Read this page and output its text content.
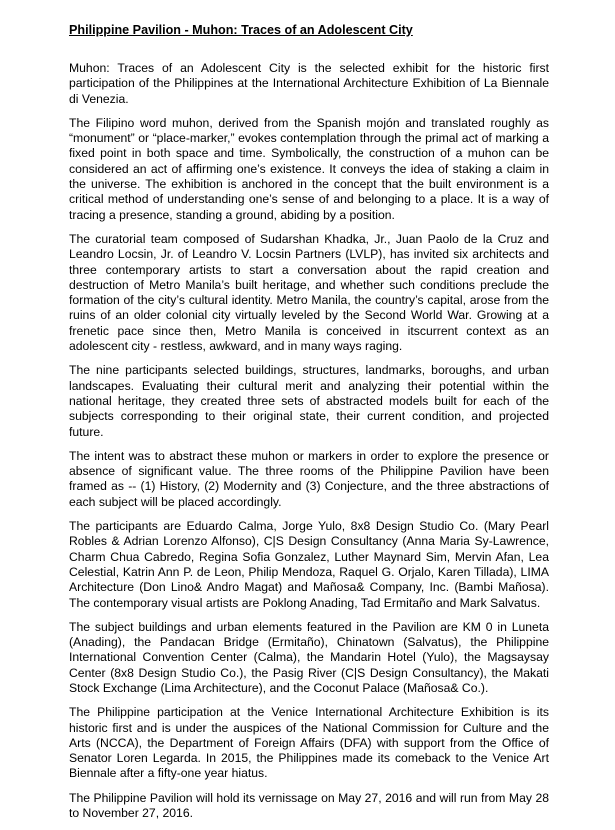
Philippine Pavilion - Muhon: Traces of an Adolescent City

Muhon: Traces of an Adolescent City is the selected exhibit for the historic first participation of the Philippines at the International Architecture Exhibition of La Biennale di Venezia.

The Filipino word muhon, derived from the Spanish mojón and translated roughly as “monument” or “place-marker,” evokes contemplation through the primal act of marking a fixed point in both space and time. Symbolically, the construction of a muhon can be considered an act of affirming one’s existence. It conveys the idea of staking a claim in the universe. The exhibition is anchored in the concept that the built environment is a critical method of understanding one’s sense of and belonging to a place. It is a way of tracing a presence, standing a ground, abiding by a position.

The curatorial team composed of Sudarshan Khadka, Jr., Juan Paolo de la Cruz and Leandro Locsin, Jr. of Leandro V. Locsin Partners (LVLP), has invited six architects and three contemporary artists to start a conversation about the rapid creation and destruction of Metro Manila’s built heritage, and whether such conditions preclude the formation of the city’s cultural identity. Metro Manila, the country’s capital, arose from the ruins of an older colonial city virtually leveled by the Second World War. Growing at a frenetic pace since then, Metro Manila is conceived in itscurrent context as an adolescent city - restless, awkward, and in many ways raging.

The nine participants selected buildings, structures, landmarks, boroughs, and urban landscapes. Evaluating their cultural merit and analyzing their potential within the national heritage, they created three sets of abstracted models built for each of the subjects corresponding to their original state, their current condition, and projected future.

The intent was to abstract these muhon or markers in order to explore the presence or absence of significant value. The three rooms of the Philippine Pavilion have been framed as -- (1) History, (2) Modernity and (3) Conjecture, and the three abstractions of each subject will be placed accordingly.

The participants are Eduardo Calma, Jorge Yulo, 8x8 Design Studio Co. (Mary Pearl Robles & Adrian Lorenzo Alfonso), C|S Design Consultancy (Anna Maria Sy-Lawrence, Charm Chua Cabredo, Regina Sofia Gonzalez, Luther Maynard Sim, Mervin Afan, Lea Celestial, Katrin Ann P. de Leon, Philip Mendoza, Raquel G. Orjalo, Karen Tillada), LIMA Architecture (Don Lino& Andro Magat) and Mañosa& Company, Inc. (Bambi Mañosa). The contemporary visual artists are Poklong Anading, Tad Ermitaño and Mark Salvatus.

The subject buildings and urban elements featured in the Pavilion are KM 0 in Luneta (Anading), the Pandacan Bridge (Ermitaño), Chinatown (Salvatus), the Philippine International Convention Center (Calma), the Mandarin Hotel (Yulo), the Magsaysay Center (8x8 Design Studio Co.), the Pasig River (C|S Design Consultancy), the Makati Stock Exchange (Lima Architecture), and the Coconut Palace (Mañosa& Co.).

The Philippine participation at the Venice International Architecture Exhibition is its historic first and is under the auspices of the National Commission for Culture and the Arts (NCCA), the Department of Foreign Affairs (DFA) with support from the Office of Senator Loren Legarda. In 2015, the Philippines made its comeback to the Venice Art Biennale after a fifty-one year hiatus.

The Philippine Pavilion will hold its vernissage on May 27, 2016 and will run from May 28 to November 27, 2016.
